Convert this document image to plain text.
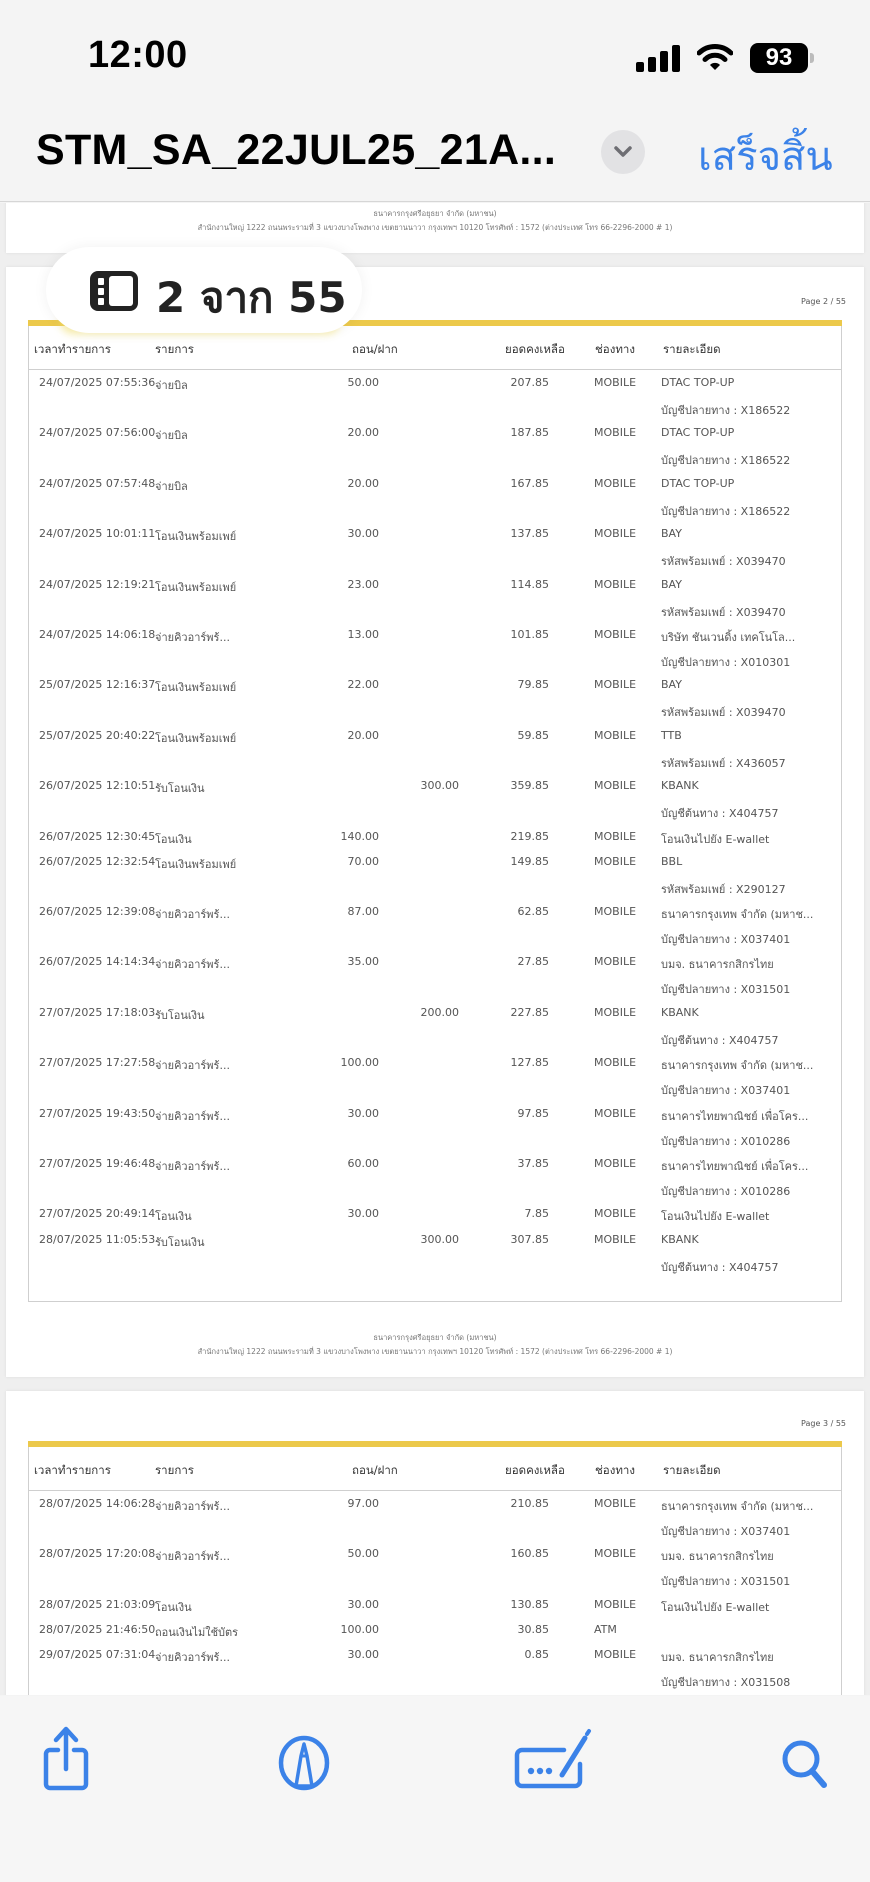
12:00	93
STM_SA_22JUL25_21A...	เสร็จสิ้น
ธนาคารกรุงศรีอยุธยา จำกัด (มหาชน)
สำนักงานใหญ่ 1222 ถนนพระรามที่ 3 แขวงบางโพงพาง เขตยานนาวา กรุงเทพฯ 10120 โทรศัพท์ : 1572 (ต่างประเทศ โทร 66-2296-2000 # 1)
Page 2 / 55
เวลาทำรายการ	รายการ	ถอน/ฝาก	ยอดคงเหลือ	ช่องทาง รายละเอียด
24/07/2025 07:55:36 จ่ายบิล	50.00	207.85	MOBILE DTAC TOP-UP
บัญชีปลายทาง : X186522
24/07/2025 07:56:00 จ่ายบิล	20.00	187.85	MOBILE DTAC TOP-UP
บัญชีปลายทาง : X186522
24/07/2025 07:57:48 จ่ายบิล	20.00	167.85	MOBILE DTAC TOP-UP
บัญชีปลายทาง : X186522
24/07/2025 10:01:11 โอนเงินพร้อมเพย์	30.00	137.85	MOBILE BAY
รหัสพร้อมเพย์ : X039470
24/07/2025 12:19:21 โอนเงินพร้อมเพย์	23.00	114.85	MOBILE BAY
รหัสพร้อมเพย์ : X039470
24/07/2025 14:06:18 จ่ายคิวอาร์พร้...	13.00	101.85	MOBILE บริษัท ชันเวนดิ้ง เทคโนโล...
บัญชีปลายทาง : X010301
25/07/2025 12:16:37 โอนเงินพร้อมเพย์	22.00	79.85	MOBILE BAY
รหัสพร้อมเพย์ : X039470
25/07/2025 20:40:22 โอนเงินพร้อมเพย์	20.00	59.85	MOBILE TTB
รหัสพร้อมเพย์ : X436057
26/07/2025 12:10:51 รับโอนเงิน	300.00	359.85	MOBILE KBANK
บัญชีต้นทาง : X404757
26/07/2025 12:30:45 โอนเงิน	140.00	219.85	MOBILE โอนเงินไปยัง E-wallet
26/07/2025 12:32:54 โอนเงินพร้อมเพย์	70.00	149.85	MOBILE BBL
รหัสพร้อมเพย์ : X290127
26/07/2025 12:39:08 จ่ายคิวอาร์พร้...	87.00	62.85	MOBILE ธนาคารกรุงเทพ จำกัด (มหาช...
บัญชีปลายทาง : X037401
26/07/2025 14:14:34 จ่ายคิวอาร์พร้...	35.00	27.85	MOBILE บมจ. ธนาคารกสิกรไทย
บัญชีปลายทาง : X031501
27/07/2025 17:18:03 รับโอนเงิน	200.00	227.85	MOBILE KBANK
บัญชีต้นทาง : X404757
27/07/2025 17:27:58 จ่ายคิวอาร์พร้...	100.00	127.85	MOBILE ธนาคารกรุงเทพ จำกัด (มหาช...
บัญชีปลายทาง : X037401
27/07/2025 19:43:50 จ่ายคิวอาร์พร้...	30.00	97.85	MOBILE ธนาคารไทยพาณิชย์ เพื่อโคร...
บัญชีปลายทาง : X010286
27/07/2025 19:46:48 จ่ายคิวอาร์พร้...	60.00	37.85	MOBILE ธนาคารไทยพาณิชย์ เพื่อโคร...
บัญชีปลายทาง : X010286
27/07/2025 20:49:14 โอนเงิน	30.00	7.85	MOBILE โอนเงินไปยัง E-wallet
28/07/2025 11:05:53 รับโอนเงิน	300.00	307.85	MOBILE KBANK
บัญชีต้นทาง : X404757
ธนาคารกรุงศรีอยุธยา จำกัด (มหาชน)
สำนักงานใหญ่ 1222 ถนนพระรามที่ 3 แขวงบางโพงพาง เขตยานนาวา กรุงเทพฯ 10120 โทรศัพท์ : 1572 (ต่างประเทศ โทร 66-2296-2000 # 1)
Page 3 / 55
เวลาทำรายการ	รายการ	ถอน/ฝาก	ยอดคงเหลือ	ช่องทาง รายละเอียด
28/07/2025 14:06:28 จ่ายคิวอาร์พร้...	97.00	210.85	MOBILE ธนาคารกรุงเทพ จำกัด (มหาช...
บัญชีปลายทาง : X037401
28/07/2025 17:20:08 จ่ายคิวอาร์พร้...	50.00	160.85	MOBILE บมจ. ธนาคารกสิกรไทย
บัญชีปลายทาง : X031501
28/07/2025 21:03:09 โอนเงิน	30.00	130.85	MOBILE โอนเงินไปยัง E-wallet
28/07/2025 21:46:50 ถอนเงินไม่ใช้บัตร	100.00	30.85	ATM
29/07/2025 07:31:04 จ่ายคิวอาร์พร้...	30.00	0.85	MOBILE บมจ. ธนาคารกสิกรไทย
บัญชีปลายทาง : X031508
2 จาก 55
